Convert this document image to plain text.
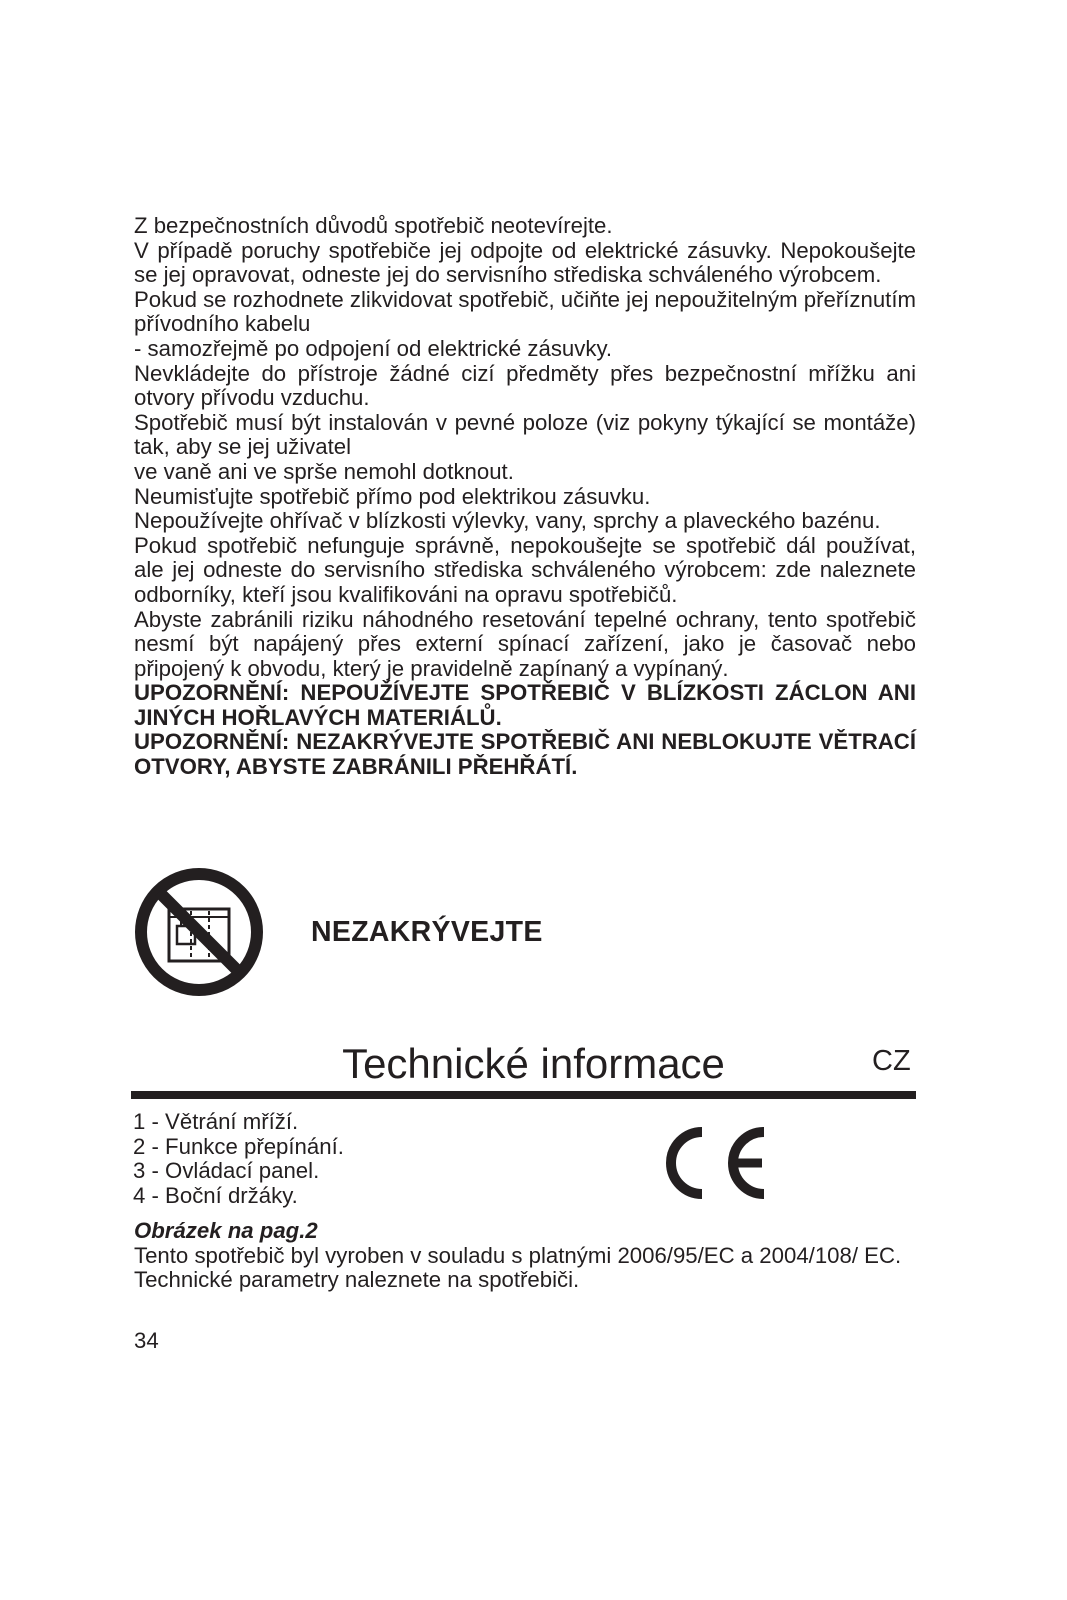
Z bezpečnostních důvodů spotřebič neotevírejte.

V případě poruchy spotřebiče jej odpojte od elektrické zásuvky. Nepokoušejte se jej opravovat, odneste jej do servisního střediska schváleného výrobcem.

Pokud se rozhodnete zlikvidovat spotřebič, učiňte jej nepoužitelným přeříznutím přívodního kabelu

- samozřejmě po odpojení od elektrické zásuvky.

Nevkládejte do přístroje žádné cizí předměty přes bezpečnostní mřížku ani otvory přívodu vzduchu.

Spotřebič musí být instalován v pevné poloze (viz pokyny týkající se montáže) tak, aby se jej uživatel

ve vaně ani ve sprše nemohl dotknout.

Neumisťujte spotřebič přímo pod elektrikou zásuvku.

Nepoužívejte ohřívač v blízkosti výlevky, vany, sprchy a plaveckého bazénu.

Pokud spotřebič nefunguje správně, nepokoušejte se spotřebič dál používat, ale jej odneste do servisního střediska schváleného výrobcem: zde naleznete odborníky, kteří jsou kvalifikováni na opravu spotřebičů.

Abyste zabránili riziku náhodného resetování tepelné ochrany, tento spotřebič nesmí být napájený přes externí spínací zařízení, jako je časovač nebo připojený k obvodu, který je pravidelně zapínaný a vypínaný.

UPOZORNĚNÍ: NEPOUŽÍVEJTE SPOTŘEBIČ V BLÍZKOSTI ZÁCLON ANI JINÝCH HOŘLAVÝCH MATERIÁLŮ.

UPOZORNĚNÍ: NEZAKRÝVEJTE SPOTŘEBIČ ANI NEBLOKUJTE VĚTRACÍ OTVORY, ABYSTE ZABRÁNILI PŘEHŘÁTÍ.

NEZAKRÝVEJTE
Technické informace	CZ
1 - Větrání mříží.
2 - Funkce přepínání.
3 - Ovládací panel.
4 - Boční držáky.
Obrázek na pag.2
Tento spotřebič byl vyroben v souladu s platnými 2006/95/EC a 2004/108/ EC.
Technické parametry naleznete na spotřebiči.
34
